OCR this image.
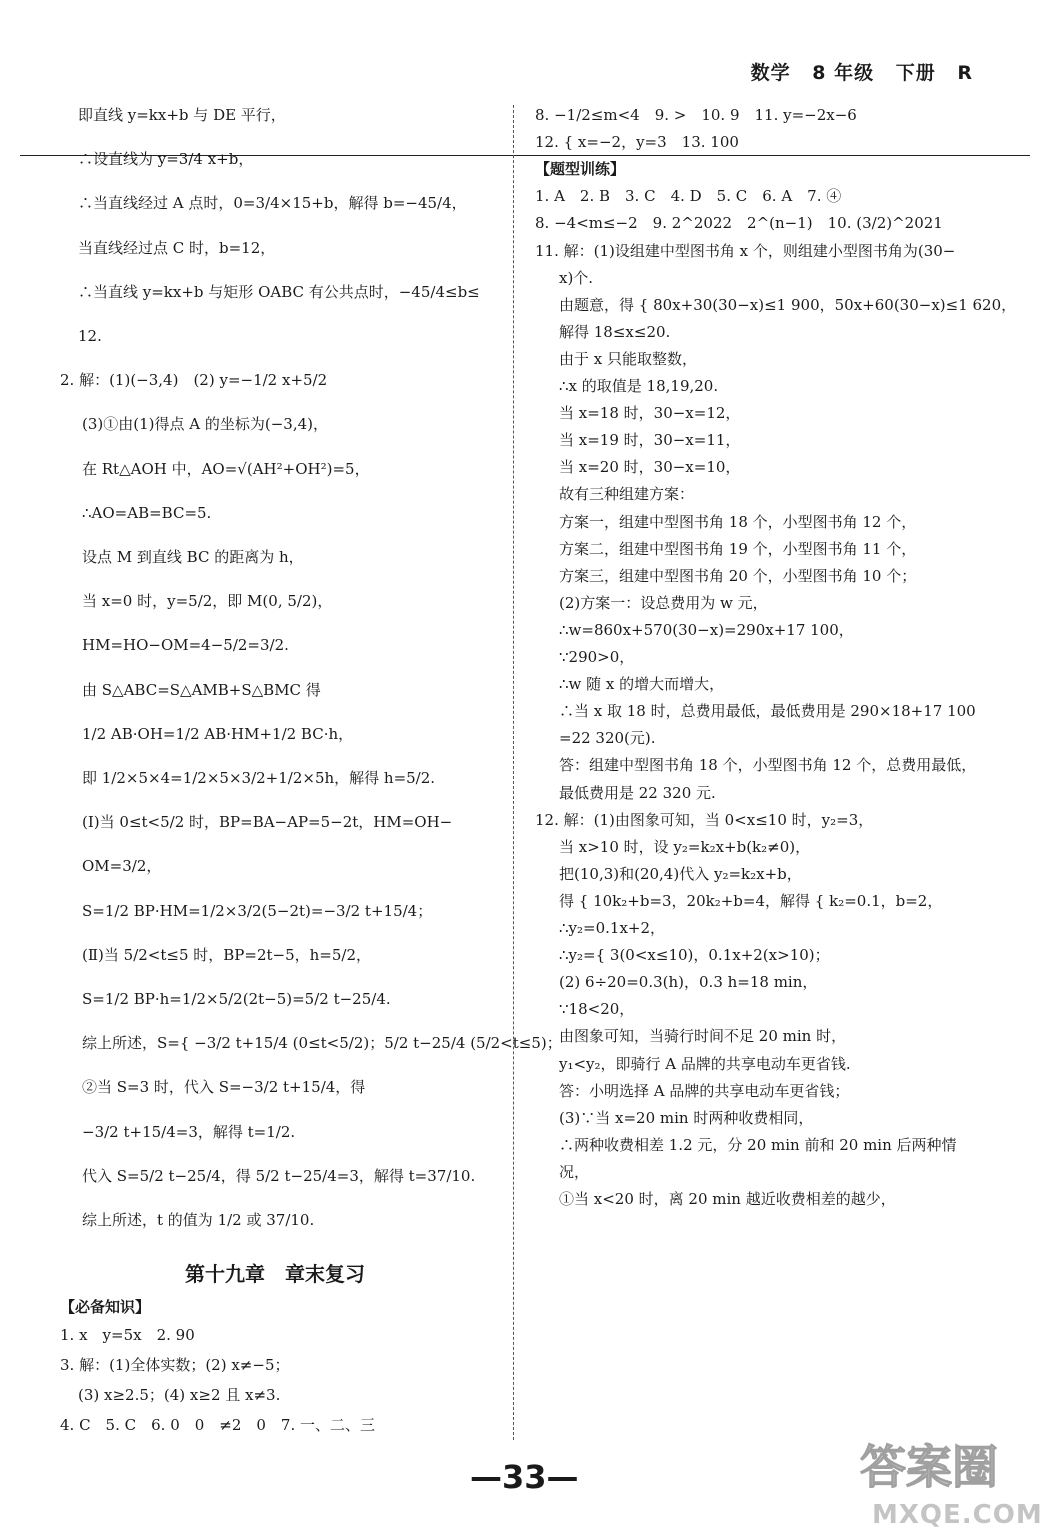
数学 8 年级 下册 R
即直线 y=kx+b 与 DE 平行，
∴设直线为 y=3/4 x+b，
∴当直线经过 A 点时，0=3/4×15+b，解得 b=−45/4，
当直线经过点 C 时，b=12，
∴当直线 y=kx+b 与矩形 OABC 有公共点时，−45/4≤b≤
12.
2. 解：(1)(−3,4)　(2) y=−1/2 x+5/2
(3)①由(1)得点 A 的坐标为(−3,4)，
在 Rt△AOH 中，AO=√(AH²+OH²)=5，
∴AO=AB=BC=5.
设点 M 到直线 BC 的距离为 h，
当 x=0 时，y=5/2，即 M(0, 5/2)，
HM=HO−OM=4−5/2=3/2.
由 S△ABC=S△AMB+S△BMC 得
1/2 AB·OH=1/2 AB·HM+1/2 BC·h，
即 1/2×5×4=1/2×5×3/2+1/2×5h，解得 h=5/2.
(Ⅰ)当 0≤t<5/2 时，BP=BA−AP=5−2t，HM=OH−
OM=3/2，
S=1/2 BP·HM=1/2×3/2(5−2t)=−3/2 t+15/4；
(Ⅱ)当 5/2<t≤5 时，BP=2t−5，h=5/2，
S=1/2 BP·h=1/2×5/2(2t−5)=5/2 t−25/4.
综上所述，S={ −3/2 t+15/4 (0≤t<5/2)；5/2 t−25/4 (5/2<t≤5)；
②当 S=3 时，代入 S=−3/2 t+15/4，得
−3/2 t+15/4=3，解得 t=1/2.
代入 S=5/2 t−25/4，得 5/2 t−25/4=3，解得 t=37/10.
综上所述，t 的值为 1/2 或 37/10.
8. −1/2≤m<4　9. >　10. 9　11. y=−2x−6
12. { x=−2，y=3　13. 100
【题型训练】
1. A　2. B　3. C　4. D　5. C　6. A　7. ④
8. −4<m≤−2　9. 2^2022　2^(n−1)　10. (3/2)^2021
11. 解：(1)设组建中型图书角 x 个，则组建小型图书角为(30−
x)个.
由题意，得 { 80x+30(30−x)≤1 900，50x+60(30−x)≤1 620，
解得 18≤x≤20.
由于 x 只能取整数，
∴x 的取值是 18,19,20.
当 x=18 时，30−x=12，
当 x=19 时，30−x=11，
当 x=20 时，30−x=10，
故有三种组建方案：
方案一，组建中型图书角 18 个，小型图书角 12 个，
方案二，组建中型图书角 19 个，小型图书角 11 个，
方案三，组建中型图书角 20 个，小型图书角 10 个；
(2)方案一：设总费用为 w 元，
∴w=860x+570(30−x)=290x+17 100，
∵290>0，
∴w 随 x 的增大而增大，
∴当 x 取 18 时，总费用最低，最低费用是 290×18+17 100
=22 320(元).
答：组建中型图书角 18 个，小型图书角 12 个，总费用最低，
最低费用是 22 320 元.
12. 解：(1)由图象可知，当 0<x≤10 时，y₂=3，
当 x>10 时，设 y₂=k₂x+b(k₂≠0)，
把(10,3)和(20,4)代入 y₂=k₂x+b，
得 { 10k₂+b=3，20k₂+b=4，解得 { k₂=0.1，b=2，
∴y₂=0.1x+2，
∴y₂={ 3(0<x≤10)，0.1x+2(x>10)；
(2) 6÷20=0.3(h)，0.3 h=18 min，
∵18<20，
由图象可知，当骑行时间不足 20 min 时，
y₁<y₂，即骑行 A 品牌的共享电动车更省钱.
答：小明选择 A 品牌的共享电动车更省钱；
(3)∵当 x=20 min 时两种收费相同，
∴两种收费相差 1.2 元，分 20 min 前和 20 min 后两种情
况，
①当 x<20 时，离 20 min 越近收费相差的越少，
第十九章　章末复习
【必备知识】
1. x　y=5x　2. 90
3. 解：(1)全体实数；(2) x≠−5；
(3) x≥2.5；(4) x≥2 且 x≠3.
4. C　5. C　6. 0　0　≠2　0　7. 一、二、三
—33—	答案圈
MXQE.COM
